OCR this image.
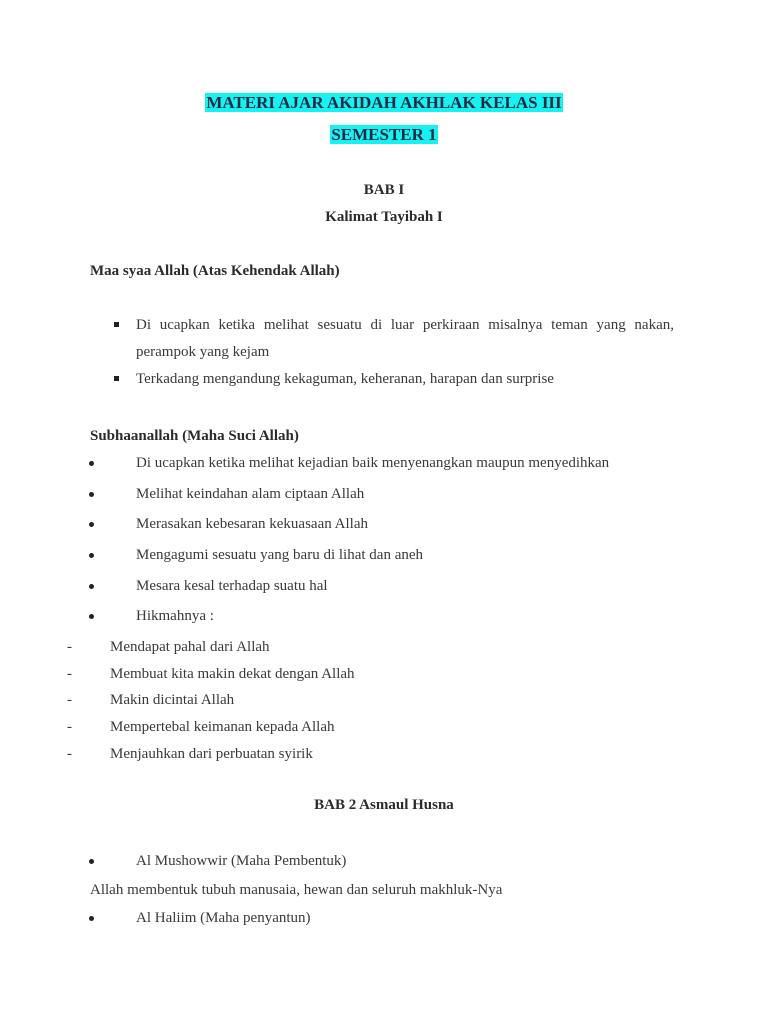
MATERI AJAR AKIDAH AKHLAK KELAS III
SEMESTER 1
BAB I
Kalimat Tayibah I
Maa syaa Allah (Atas Kehendak Allah)
Di ucapkan ketika melihat sesuatu di luar perkiraan misalnya teman yang nakan,
perampok yang kejam
Terkadang mengandung kekaguman, keheranan, harapan dan surprise
Subhaanallah (Maha Suci Allah)
Di ucapkan ketika melihat kejadian baik menyenangkan maupun menyedihkan
Melihat keindahan alam ciptaan Allah
Merasakan kebesaran kekuasaan Allah
Mengagumi sesuatu yang baru di lihat dan aneh
Mesara kesal terhadap suatu hal
Hikmahnya :
-	Mendapat pahal dari Allah
-	Membuat kita makin dekat dengan Allah
-	Makin dicintai Allah
-	Mempertebal keimanan kepada Allah
-	Menjauhkan dari perbuatan syirik
BAB 2 Asmaul Husna
Al Mushowwir (Maha Pembentuk)
Allah membentuk tubuh manusaia, hewan dan seluruh makhluk-Nya
Al Haliim (Maha penyantun)
